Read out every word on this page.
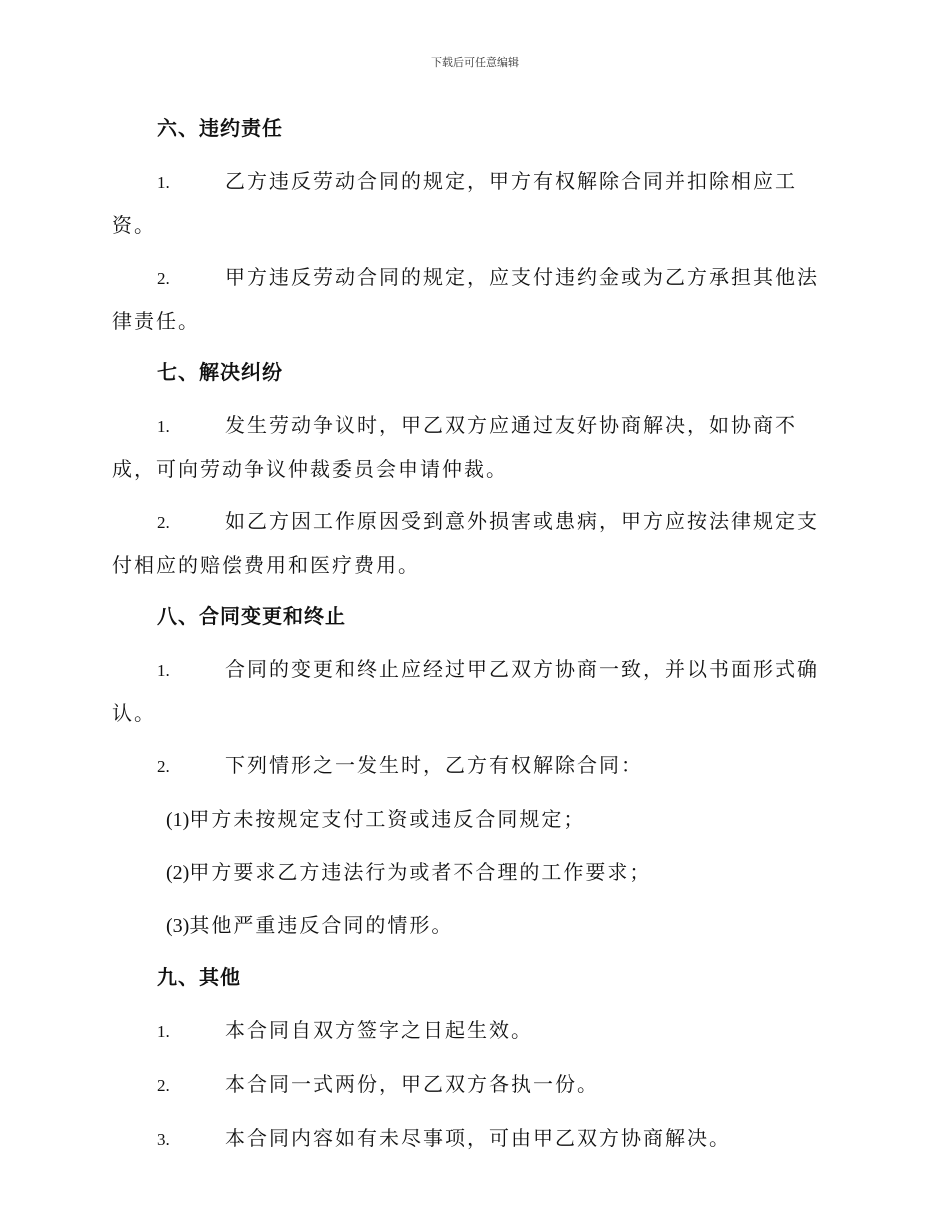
下载后可任意编辑
六、违约责任
1.	乙方违反劳动合同的规定，甲方有权解除合同并扣除相应工资。
2.	甲方违反劳动合同的规定，应支付违约金或为乙方承担其他法律责任。
七、解决纠纷
1.	发生劳动争议时，甲乙双方应通过友好协商解决，如协商不成，可向劳动争议仲裁委员会申请仲裁。
2.	如乙方因工作原因受到意外损害或患病，甲方应按法律规定支付相应的赔偿费用和医疗费用。
八、合同变更和终止
1.	合同的变更和终止应经过甲乙双方协商一致，并以书面形式确认。
2.	下列情形之一发生时，乙方有权解除合同：
(1)甲方未按规定支付工资或违反合同规定；
(2)甲方要求乙方违法行为或者不合理的工作要求；
(3)其他严重违反合同的情形。
九、其他
1.	本合同自双方签字之日起生效。
2.	本合同一式两份，甲乙双方各执一份。
3.	本合同内容如有未尽事项，可由甲乙双方协商解决。
